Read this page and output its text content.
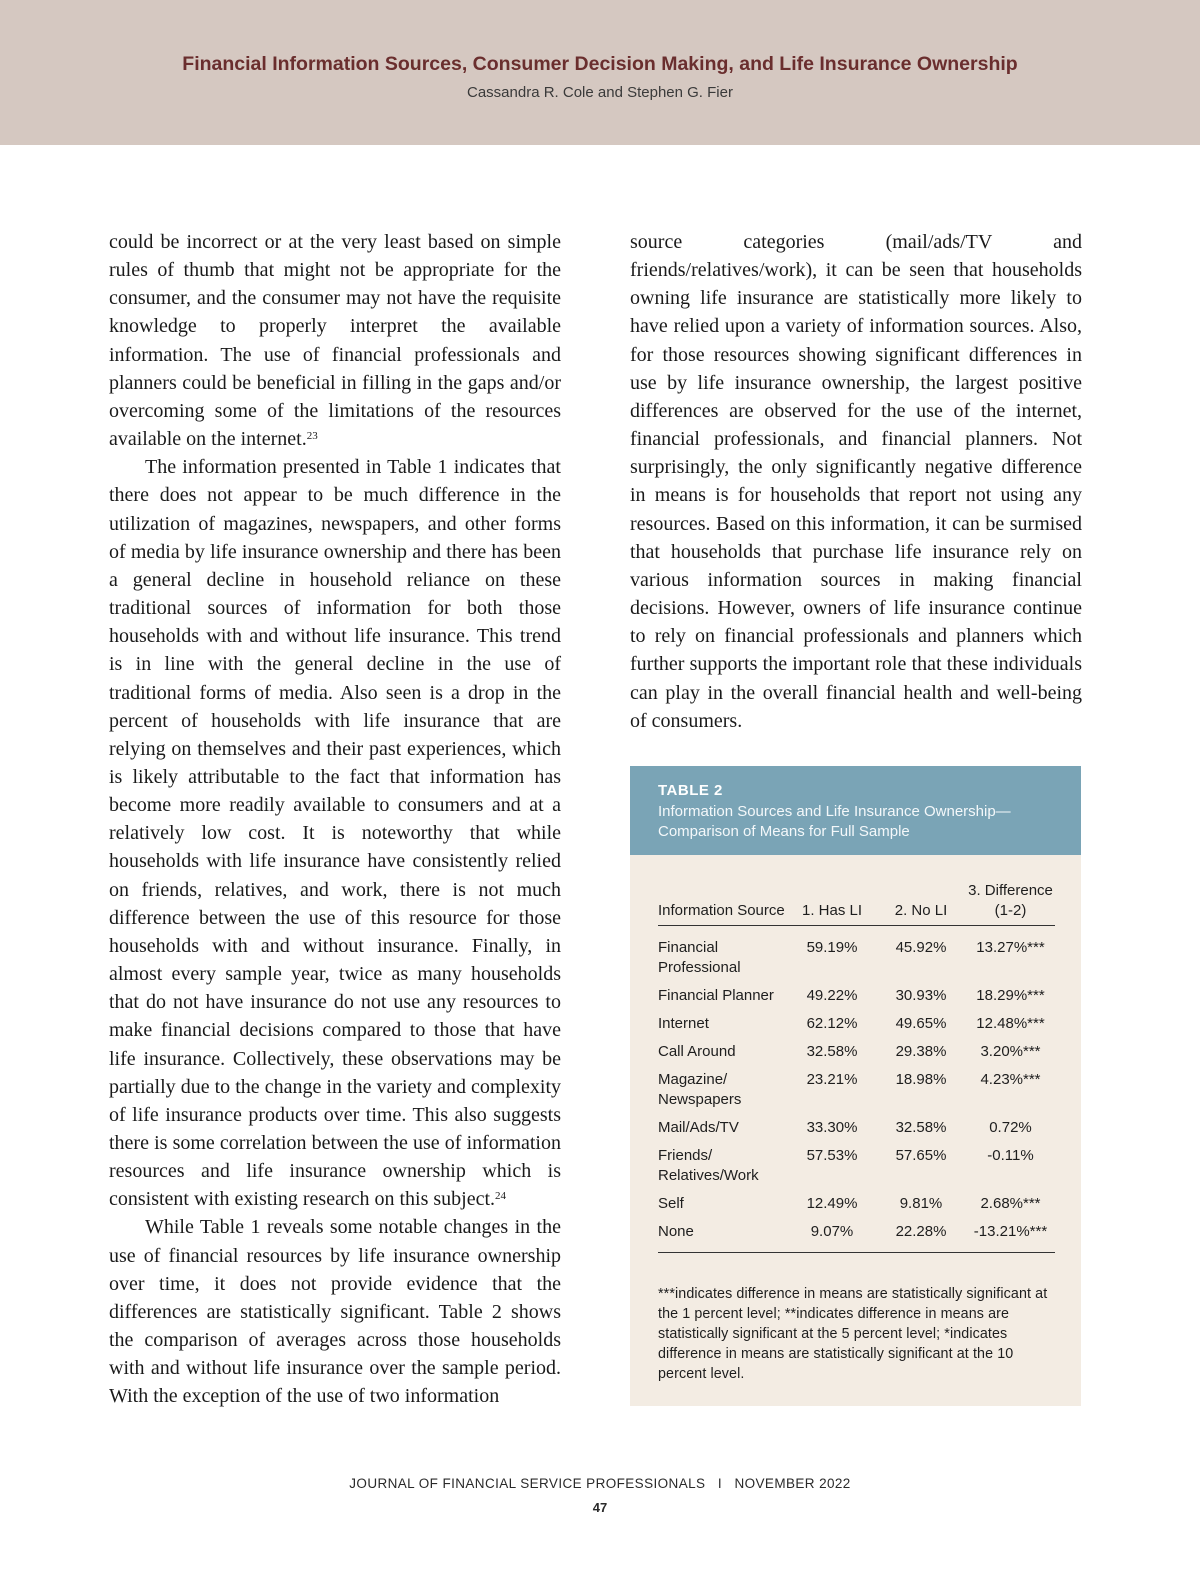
Financial Information Sources, Consumer Decision Making, and Life Insurance Ownership
Cassandra R. Cole and Stephen G. Fier

could be incorrect or at the very least based on simple rules of thumb that might not be appropriate for the consumer, and the consumer may not have the requisite knowledge to properly interpret the available information. The use of financial professionals and planners could be beneficial in filling in the gaps and/or overcoming some of the limitations of the resources available on the internet.$^{23}$

The information presented in Table 1 indicates that there does not appear to be much difference in the utilization of magazines, newspapers, and other forms of media by life insurance ownership and there has been a general decline in household reliance on these traditional sources of information for both those households with and without life insurance. This trend is in line with the general decline in the use of traditional forms of media. Also seen is a drop in the percent of households with life insurance that are relying on themselves and their past experiences, which is likely attributable to the fact that information has become more readily available to consumers and at a relatively low cost. It is noteworthy that while households with life insurance have consistently relied on friends, relatives, and work, there is not much difference between the use of this resource for those households with and without insurance. Finally, in almost every sample year, twice as many households that do not have insurance do not use any resources to make financial decisions compared to those that have life insurance. Collectively, these observations may be partially due to the change in the variety and complexity of life insurance products over time. This also suggests there is some correlation between the use of information resources and life insurance ownership which is consistent with existing research on this subject.$^{24}$

While Table 1 reveals some notable changes in the use of financial resources by life insurance ownership over time, it does not provide evidence that the differences are statistically significant. Table 2 shows the comparison of averages across those households with and without life insurance over the sample period. With the exception of the use of two information

source categories (mail/ads/TV and friends/relatives/work), it can be seen that households owning life insurance are statistically more likely to have relied upon a variety of information sources. Also, for those resources showing significant differences in use by life insurance ownership, the largest positive differences are observed for the use of the internet, financial professionals, and financial planners. Not surprisingly, the only significantly negative difference in means is for households that report not using any resources. Based on this information, it can be surmised that households that purchase life insurance rely on various information sources in making financial decisions. However, owners of life insurance continue to rely on financial professionals and planners which further supports the important role that these individuals can play in the overall financial health and well-being of consumers.

TABLE 2
Information Sources and Life Insurance Ownership—Comparison of Means for Full Sample
Information Source	1. Has LI	2. No LI	3. Difference (1-2)
Financial Professional	59.19%	45.92%	13.27%***
Financial Planner	49.22%	30.93%	18.29%***
Internet	62.12%	49.65%	12.48%***
Call Around	32.58%	29.38%	3.20%***
Magazine/ Newspapers	23.21%	18.98%	4.23%***
Mail/Ads/TV	33.30%	32.58%	0.72%
Friends/ Relatives/Work	57.53%	57.65%	-0.11%
Self	12.49%	9.81%	2.68%***
None	9.07%	22.28%	-13.21%***
***indicates difference in means are statistically significant at the 1 percent level; **indicates difference in means are statistically significant at the 5 percent level; *indicates difference in means are statistically significant at the 10 percent level.
JOURNAL OF FINANCIAL SERVICE PROFESSIONALS   I   NOVEMBER 2022
47
